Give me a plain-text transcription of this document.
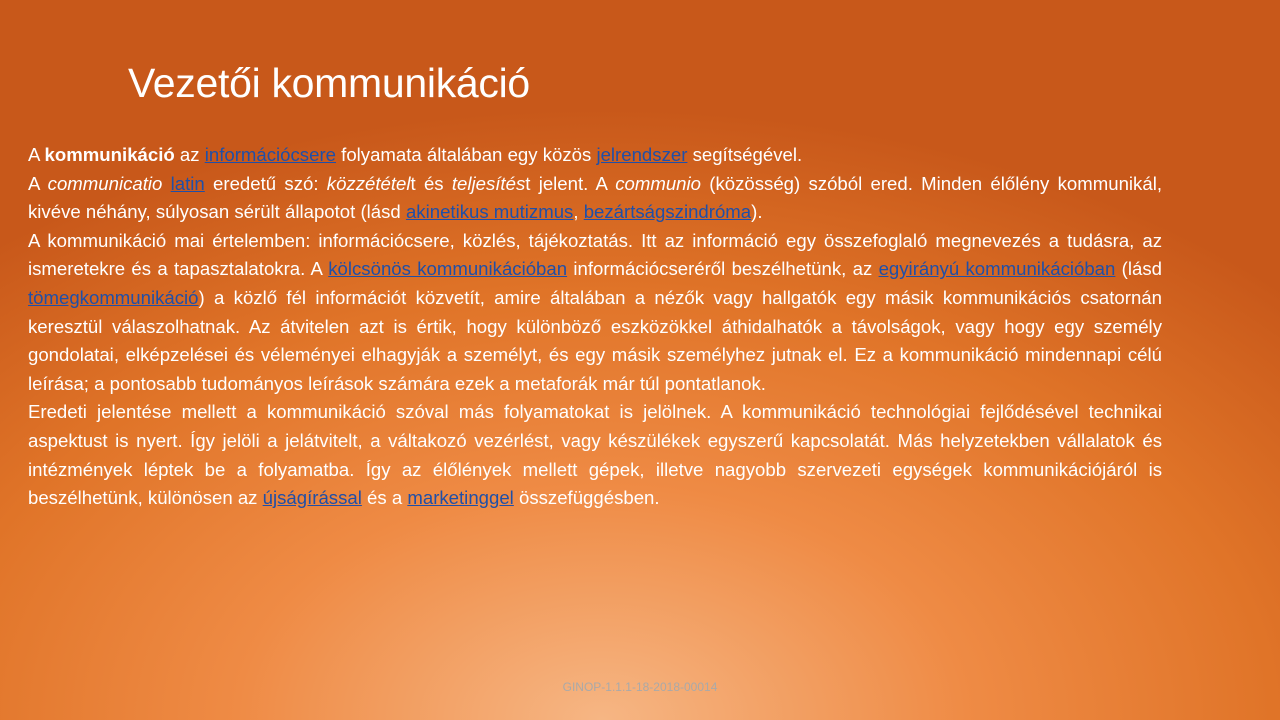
Vezetői kommunikáció

A kommunikáció az információcsere folyamata általában egy közös jelrendszer segítségével.

A communicatio latin eredetű szó: közzétételt és teljesítést jelent. A communio (közösség) szóból ered. Minden élőlény kommunikál, kivéve néhány, súlyosan sérült állapotot (lásd akinetikus mutizmus, bezártságszindróma).

A kommunikáció mai értelemben: információcsere, közlés, tájékoztatás. Itt az információ egy összefoglaló megnevezés a tudásra, az ismeretekre és a tapasztalatokra. A kölcsönös kommunikációban információcseréről beszélhetünk, az egyirányú kommunikációban (lásd tömegkommunikáció) a közlő fél információt közvetít, amire általában a nézők vagy hallgatók egy másik kommunikációs csatornán keresztül válaszolhatnak. Az átvitelen azt is értik, hogy különböző eszközökkel áthidalhatók a távolságok, vagy hogy egy személy gondolatai, elképzelései és véleményei elhagyják a személyt, és egy másik személyhez jutnak el. Ez a kommunikáció mindennapi célú leírása; a pontosabb tudományos leírások számára ezek a metaforák már túl pontatlanok.

Eredeti jelentése mellett a kommunikáció szóval más folyamatokat is jelölnek. A kommunikáció technológiai fejlődésével technikai aspektust is nyert. Így jelöli a jelátvitelt, a váltakozó vezérlést, vagy készülékek egyszerű kapcsolatát. Más helyzetekben vállalatok és intézmények léptek be a folyamatba. Így az élőlények mellett gépek, illetve nagyobb szervezeti egységek kommunikációjáról is beszélhetünk, különösen az újságírással és a marketinggel összefüggésben.

GINOP-1.1.1-18-2018-00014
